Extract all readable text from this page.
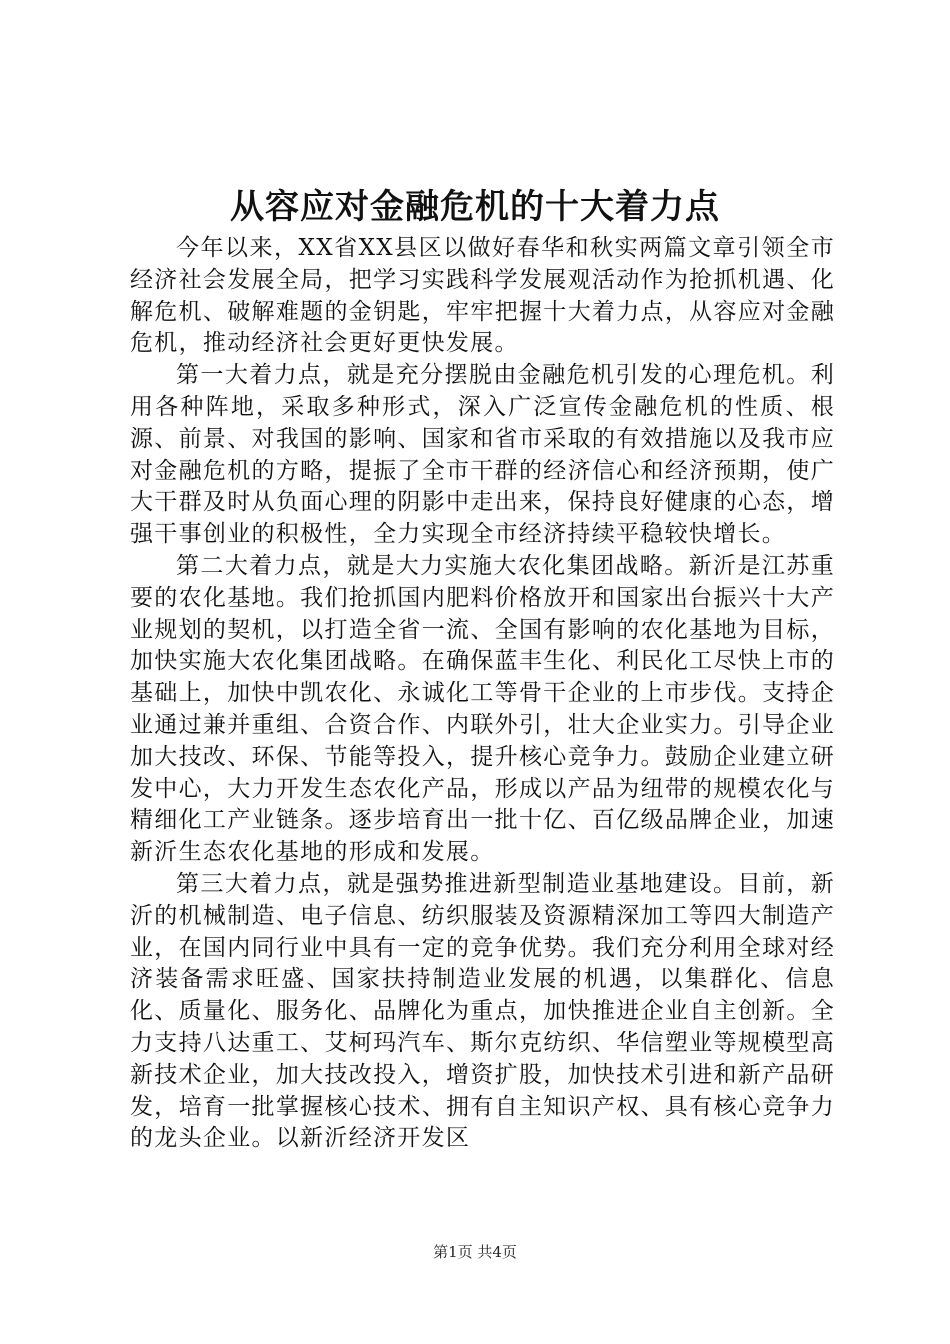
从容应对金融危机的十大着力点

今年以来，XX省XX县区以做好春华和秋实两篇文章引领全市经济社会发展全局，把学习实践科学发展观活动作为抢抓机遇、化解危机、破解难题的金钥匙，牢牢把握十大着力点，从容应对金融危机，推动经济社会更好更快发展。

第一大着力点，就是充分摆脱由金融危机引发的心理危机。利用各种阵地，采取多种形式，深入广泛宣传金融危机的性质、根源、前景、对我国的影响、国家和省市采取的有效措施以及我市应对金融危机的方略，提振了全市干群的经济信心和经济预期，使广大干群及时从负面心理的阴影中走出来，保持良好健康的心态，增强干事创业的积极性，全力实现全市经济持续平稳较快增长。

第二大着力点，就是大力实施大农化集团战略。新沂是江苏重要的农化基地。我们抢抓国内肥料价格放开和国家出台振兴十大产业规划的契机，以打造全省一流、全国有影响的农化基地为目标，加快实施大农化集团战略。在确保蓝丰生化、利民化工尽快上市的基础上，加快中凯农化、永诚化工等骨干企业的上市步伐。支持企业通过兼并重组、合资合作、内联外引，壮大企业实力。引导企业加大技改、环保、节能等投入，提升核心竞争力。鼓励企业建立研发中心，大力开发生态农化产品，形成以产品为纽带的规模农化与精细化工产业链条。逐步培育出一批十亿、百亿级品牌企业，加速新沂生态农化基地的形成和发展。

第三大着力点，就是强势推进新型制造业基地建设。目前，新沂的机械制造、电子信息、纺织服装及资源精深加工等四大制造产业，在国内同行业中具有一定的竞争优势。我们充分利用全球对经济装备需求旺盛、国家扶持制造业发展的机遇，以集群化、信息化、质量化、服务化、品牌化为重点，加快推进企业自主创新。全力支持八达重工、艾柯玛汽车、斯尔克纺织、华信塑业等规模型高新技术企业，加大技改投入，增资扩股，加快技术引进和新产品研发，培育一批掌握核心技术、拥有自主知识产权、具有核心竞争力的龙头企业。以新沂经济开发区

第1页 共4页
